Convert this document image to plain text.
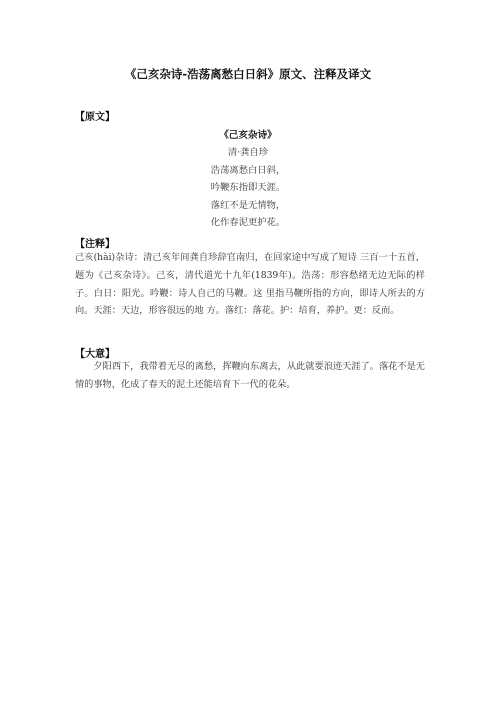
《己亥杂诗-浩荡离愁白日斜》原文、注释及译文
【原文】
《己亥杂诗》
清·龚自珍
浩荡离愁白日斜，
吟鞭东指即天涯。
落红不是无情物，
化作春泥更护花。
【注释】
己亥(hài)杂诗：清己亥年间龚自珍辞官南归，在回家途中写成了短诗 三百一十五首，题为《己亥杂诗》。己亥，清代道光十九年(1839年)。浩荡：形容愁绪无边无际的样子。白日：阳光。吟鞭：诗人自己的马鞭。这 里指马鞭所指的方向，即诗人所去的方向。天涯：天边，形容很远的地 方。落红：落花。护：培育，养护。更：反而。
【大意】
夕阳西下，我带着无尽的离愁，挥鞭向东离去，从此就要浪迹天涯了。落花不是无情的事物，化成了春天的泥土还能培育下一代的花朵。
